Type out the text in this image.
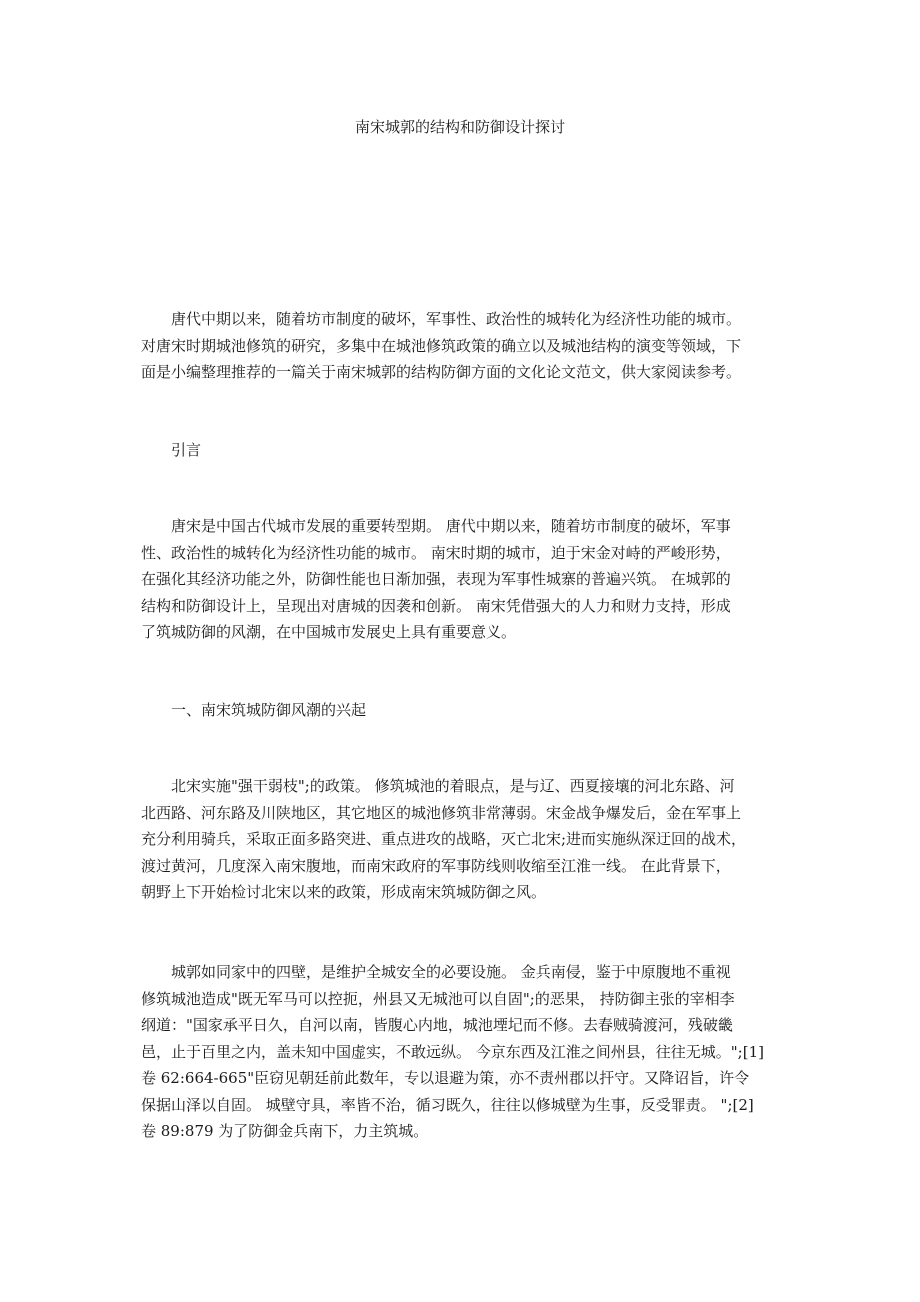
南宋城郭的结构和防御设计探讨
唐代中期以来，随着坊市制度的破坏，军事性、政治性的城转化为经济性功能的城市。
对唐宋时期城池修筑的研究，多集中在城池修筑政策的确立以及城池结构的演变等领域，下
面是小编整理推荐的一篇关于南宋城郭的结构防御方面的文化论文范文，供大家阅读参考。
引言
唐宋是中国古代城市发展的重要转型期。 唐代中期以来，随着坊市制度的破坏，军事
性、政治性的城转化为经济性功能的城市。 南宋时期的城市，迫于宋金对峙的严峻形势，
在强化其经济功能之外，防御性能也日渐加强，表现为军事性城寨的普遍兴筑。 在城郭的
结构和防御设计上，呈现出对唐城的因袭和创新。 南宋凭借强大的人力和财力支持，形成
了筑城防御的风潮，在中国城市发展史上具有重要意义。
一、南宋筑城防御风潮的兴起
北宋实施"强干弱枝";的政策。 修筑城池的着眼点，是与辽、西夏接壤的河北东路、河
北西路、河东路及川陕地区，其它地区的城池修筑非常薄弱。宋金战争爆发后，金在军事上
充分利用骑兵，采取正面多路突进、重点进攻的战略，灭亡北宋;进而实施纵深迂回的战术，
渡过黄河，几度深入南宋腹地，而南宋政府的军事防线则收缩至江淮一线。 在此背景下，
朝野上下开始检讨北宋以来的政策，形成南宋筑城防御之风。
城郭如同家中的四壁，是维护全城安全的必要设施。 金兵南侵，鉴于中原腹地不重视
修筑城池造成"既无军马可以控扼，州县又无城池可以自固";的恶果， 持防御主张的宰相李
纲道："国家承平日久，自河以南，皆腹心内地，城池堙圮而不修。去春贼骑渡河，残破畿
邑，止于百里之内，盖未知中国虚实，不敢远纵。 今京东西及江淮之间州县，往往无城。";[1]
卷 62:664-665"臣窃见朝廷前此数年，专以退避为策，亦不责州郡以扞守。又降诏旨，许令
保据山泽以自固。 城壁守具，率皆不治，循习既久，往往以修城壁为生事，反受罪责。 ";[2]
卷 89:879 为了防御金兵南下，力主筑城。
